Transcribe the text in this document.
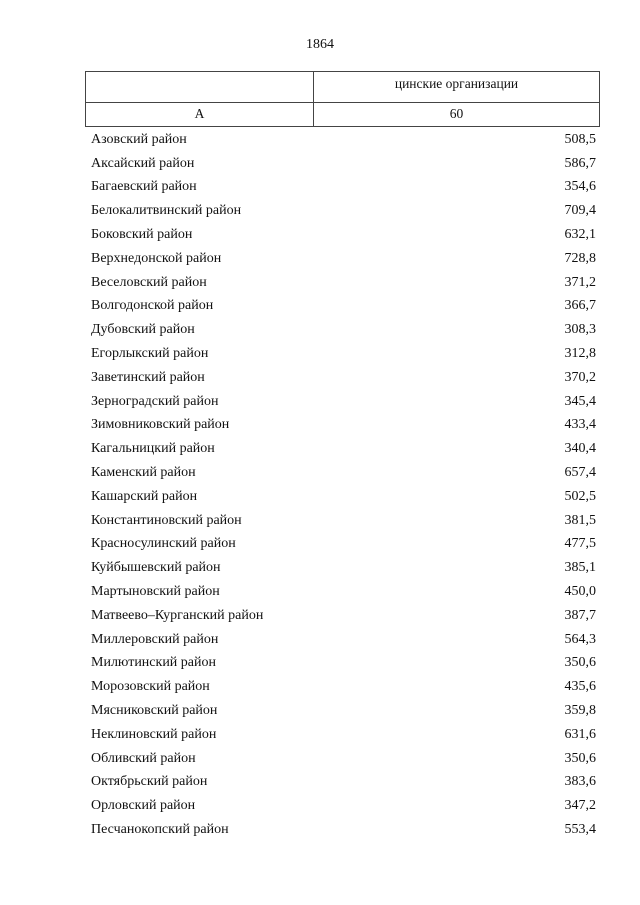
1864
	цинские организации
А	60
Азовский район	508,5
Аксайский район	586,7
Багаевский район	354,6
Белокалитвинский район	709,4
Боковский район	632,1
Верхнедонской район	728,8
Веселовский район	371,2
Волгодонской район	366,7
Дубовский район	308,3
Егорлыкский район	312,8
Заветинский район	370,2
Зерноградский район	345,4
Зимовниковский район	433,4
Кагальницкий район	340,4
Каменский район	657,4
Кашарский район	502,5
Константиновский район	381,5
Красносулинский район	477,5
Куйбышевский район	385,1
Мартыновский район	450,0
Матвеево–Курганский район	387,7
Миллеровский район	564,3
Милютинский район	350,6
Морозовский район	435,6
Мясниковский район	359,8
Неклиновский район	631,6
Обливский район	350,6
Октябрьский район	383,6
Орловский район	347,2
Песчанокопский район	553,4
